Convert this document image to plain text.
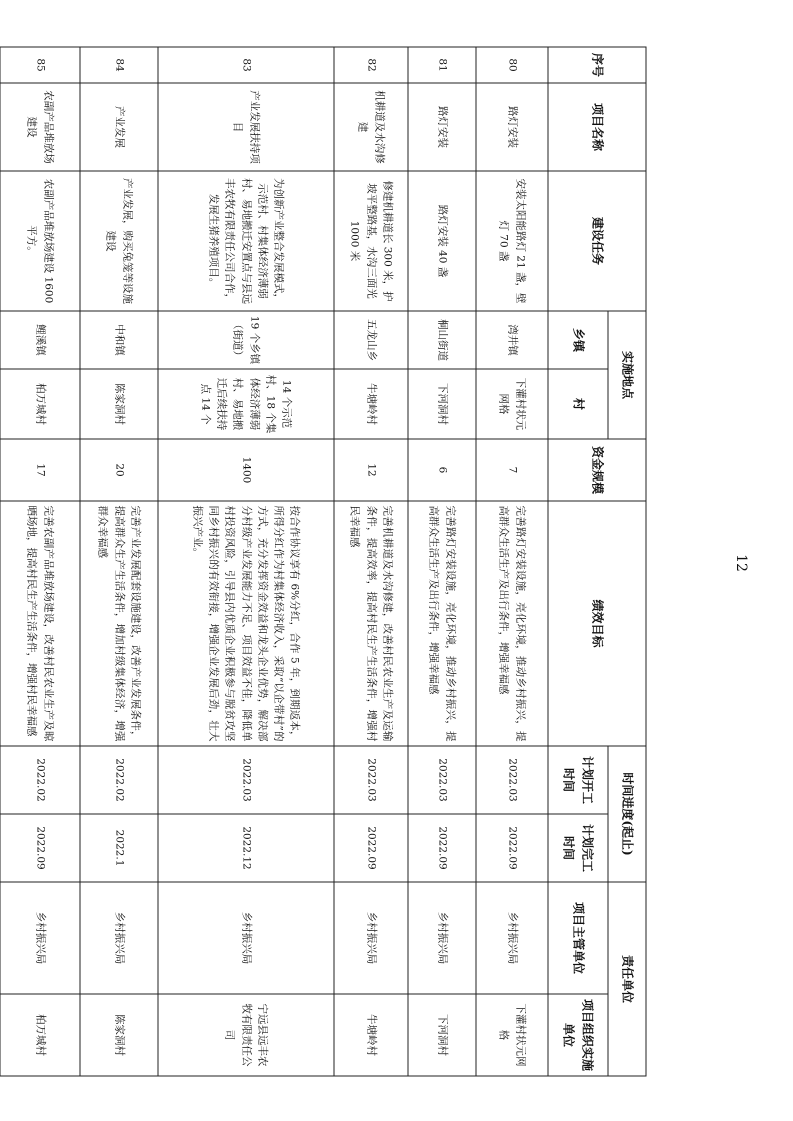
12
序号	项目名称	建设任务	实施地点		资金规模	绩效目标	时间进度(起止)		责任单位	
			乡镇	村			计划开工时间	计划完工时间	项目主管单位	项目组织实施单位
80	路灯安装	安装太阳能路灯 21 盏，壁灯 70 盏	湾井镇	下灌村状元网格	7	完善路灯安装设施，亮化环境，推动乡村振兴，提高群众生活生产及出行条件，增强幸福感	2022.03	2022.09	乡村振兴局	下灌村状元网格
81	路灯安装	路灯安装 40 盏	桐山街道	下河洞村	6	完善路灯安装设施，亮化环境，推动乡村振兴，提高群众生活生产及出行条件，增强幸福感	2022.03	2022.09	乡村振兴局	下河洞村
82	机耕道及水沟修建	修建机耕道长 300 米，护坡平整路基，水沟三面光 1000 米	五龙山乡	牛塘岭村	12	完善机耕道及水沟修建，改善村民农业生产及运输条件，提高效率，提高村民生产生活条件，增强村民幸福感	2022.03	2022.09	乡村振兴局	牛塘岭村
83	产业发展扶持项目	为创新产业整合发展模式，示范村、村集体经济薄弱村、易地搬迁安置点与县远丰农牧有限责任公司合作，发展生猪养殖项目。	19 个乡镇（街道）	14 个示范村、18 个集体经济薄弱村、易地搬迁后续扶持点 14 个	1400	按合作协议享有 6%分红，合作 5 年，到期返本，所得分红作为村集体经济收入，采取“以企带村”的方式，充分发挥资金效益和龙头企业优势，解决部分村级产业发展能力不足、项目效益不佳，降低单村投资风险，引导县内优质企业积极参与脱贫攻坚同乡村振兴的有效衔接，增强企业发展后劲，壮大振兴产业。	2022.03	2022.12	乡村振兴局	宁远县远丰农牧有限责任公司
84	产业发展	产业发展，购买兔笼等设施建设	中和镇	陈家洞村	20	完善产业发展配套设施建设，改善产业发展条件，提高群众生产生活条件，增加村级集体经济，增强群众幸福感	2022.02	2022.1	乡村振兴局	陈家洞村
85	农副产品堆放场建设	农副产品堆放场建设 1600 平方。	鲤溪镇	柏万城村	17	完善农副产品堆放场建设，改善村民农业生产及晾晒场地，提高村民生产生活条件，增强村民幸福感	2022.02	2022.09	乡村振兴局	柏万城村
